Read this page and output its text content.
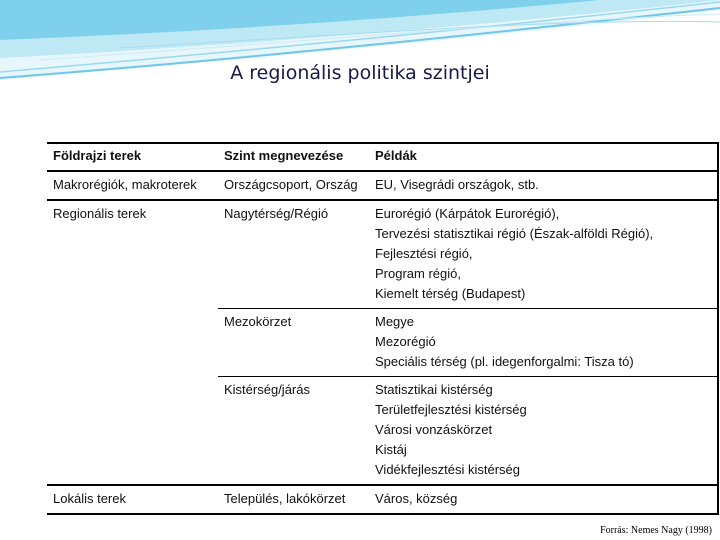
A regionális politika szintjei
Földrajzi terek	Szint megnevezése	Példák
Makrorégiók, makroterek	Országcsoport, Ország	EU, Visegrádi országok, stb.

Regionális terek	Nagytérség/Régió	Eurorégió (Kárpátok Eurorégió),
Tervezési statisztikai régió (Észak-alföldi Régió),
Fejlesztési régió,
Program régió,
Kiemelt térség (Budapest)

	Mezokörzet	Megye
Mezorégió
Speciális térség (pl. idegenforgalmi: Tisza tó)

	Kistérség/járás	Statisztikai kistérség
Területfejlesztési kistérség
Városi vonzáskörzet
Kistáj
Vidékfejlesztési kistérség

Lokális terek	Település, lakókörzet	Város, község
Forrás: Nemes Nagy (1998)
